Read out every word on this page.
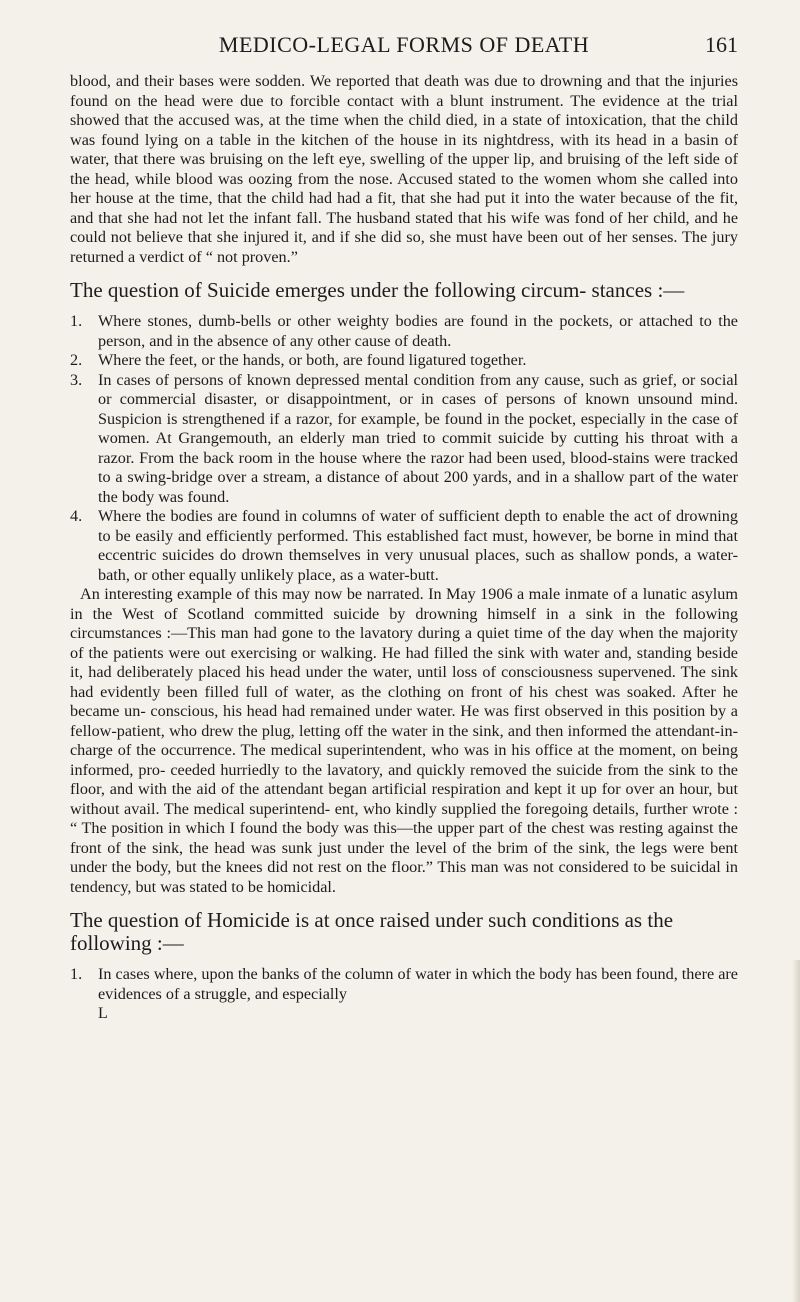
MEDICO-LEGAL FORMS OF DEATH	161

blood, and their bases were sodden. We reported that death was due to drowning and that the injuries found on the head were due to forcible contact with a blunt instrument. The evidence at the trial showed that the accused was, at the time when the child died, in a state of intoxication, that the child was found lying on a table in the kitchen of the house in its nightdress, with its head in a basin of water, that there was bruising on the left eye, swelling of the upper lip, and bruising of the left side of the head, while blood was oozing from the nose. Accused stated to the women whom she called into her house at the time, that the child had had a fit, that she had put it into the water because of the fit, and that she had not let the infant fall. The husband stated that his wife was fond of her child, and he could not believe that she injured it, and if she did so, she must have been out of her senses. The jury returned a verdict of “ not proven.”

The question of Suicide emerges under the following circum- stances :—
1. Where stones, dumb-bells or other weighty bodies are found in the pockets, or attached to the person, and in the absence of any other cause of death.
2. Where the feet, or the hands, or both, are found ligatured together.
3. In cases of persons of known depressed mental condition from any cause, such as grief, or social or commercial disaster, or disappointment, or in cases of persons of known unsound mind. Suspicion is strengthened if a razor, for example, be found in the pocket, especially in the case of women. At Grangemouth, an elderly man tried to commit suicide by cutting his throat with a razor. From the back room in the house where the razor had been used, blood-stains were tracked to a swing-bridge over a stream, a distance of about 200 yards, and in a shallow part of the water the body was found.
4. Where the bodies are found in columns of water of sufficient depth to enable the act of drowning to be easily and efficiently performed. This established fact must, however, be borne in mind that eccentric suicides do drown themselves in very unusual places, such as shallow ponds, a water-bath, or other equally unlikely place, as a water-butt.

An interesting example of this may now be narrated. In May 1906 a male inmate of a lunatic asylum in the West of Scotland committed suicide by drowning himself in a sink in the following circumstances :—This man had gone to the lavatory during a quiet time of the day when the majority of the patients were out exercising or walking. He had filled the sink with water and, standing beside it, had deliberately placed his head under the water, until loss of consciousness supervened. The sink had evidently been filled full of water, as the clothing on front of his chest was soaked. After he became un- conscious, his head had remained under water. He was first observed in this position by a fellow-patient, who drew the plug, letting off the water in the sink, and then informed the attendant-in-charge of the occurrence. The medical superintendent, who was in his office at the moment, on being informed, pro- ceeded hurriedly to the lavatory, and quickly removed the suicide from the sink to the floor, and with the aid of the attendant began artificial respiration and kept it up for over an hour, but without avail. The medical superintend- ent, who kindly supplied the foregoing details, further wrote : “ The position in which I found the body was this—the upper part of the chest was resting against the front of the sink, the head was sunk just under the level of the brim of the sink, the legs were bent under the body, but the knees did not rest on the floor.” This man was not considered to be suicidal in tendency, but was stated to be homicidal.

The question of Homicide is at once raised under such conditions as the following :—
1. In cases where, upon the banks of the column of water in which the body has been found, there are evidences of a struggle, and especially
L
